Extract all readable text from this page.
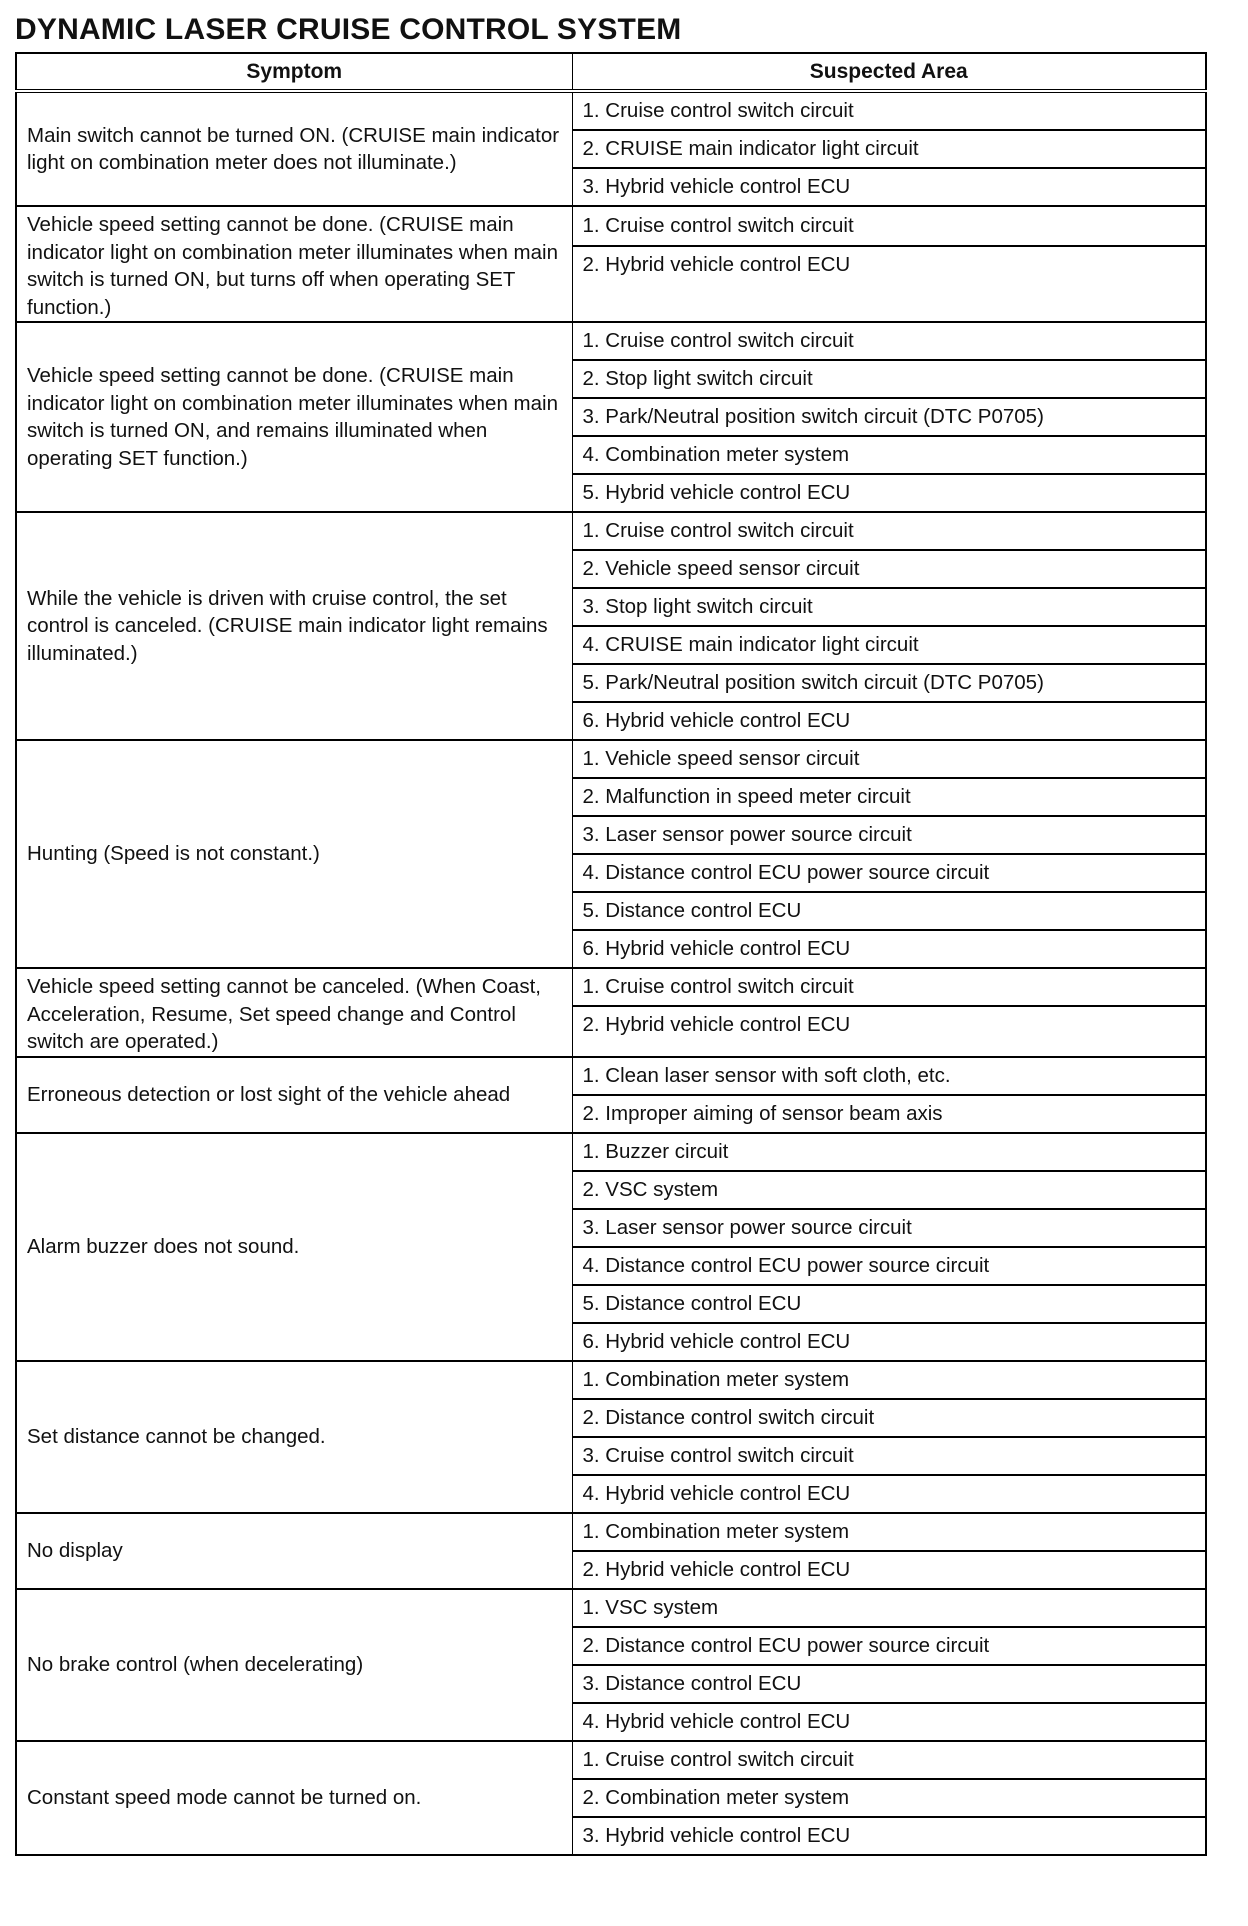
DYNAMIC LASER CRUISE CONTROL SYSTEM
Symptom	Suspected Area
Main switch cannot be turned ON. (CRUISE main indicator light on combination meter does not illuminate.)	1. Cruise control switch circuit
	2. CRUISE main indicator light circuit
	3. Hybrid vehicle control ECU
Vehicle speed setting cannot be done. (CRUISE main indicator light on combination meter illuminates when main switch is turned ON, but turns off when operating SET function.)	1. Cruise control switch circuit
	2. Hybrid vehicle control ECU
Vehicle speed setting cannot be done. (CRUISE main indicator light on combination meter illuminates when main switch is turned ON, and remains illuminated when operating SET function.)	1. Cruise control switch circuit
	2. Stop light switch circuit
	3. Park/Neutral position switch circuit (DTC P0705)
	4. Combination meter system
	5. Hybrid vehicle control ECU
While the vehicle is driven with cruise control, the set control is canceled. (CRUISE main indicator light remains illuminated.)	1. Cruise control switch circuit
	2. Vehicle speed sensor circuit
	3. Stop light switch circuit
	4. CRUISE main indicator light circuit
	5. Park/Neutral position switch circuit (DTC P0705)
	6. Hybrid vehicle control ECU
Hunting (Speed is not constant.)	1. Vehicle speed sensor circuit
	2. Malfunction in speed meter circuit
	3. Laser sensor power source circuit
	4. Distance control ECU power source circuit
	5. Distance control ECU
	6. Hybrid vehicle control ECU
Vehicle speed setting cannot be canceled. (When Coast, Acceleration, Resume, Set speed change and Control switch are operated.)	1. Cruise control switch circuit
	2. Hybrid vehicle control ECU
Erroneous detection or lost sight of the vehicle ahead	1. Clean laser sensor with soft cloth, etc.
	2. Improper aiming of sensor beam axis
Alarm buzzer does not sound.	1. Buzzer circuit
	2. VSC system
	3. Laser sensor power source circuit
	4. Distance control ECU power source circuit
	5. Distance control ECU
	6. Hybrid vehicle control ECU
Set distance cannot be changed.	1. Combination meter system
	2. Distance control switch circuit
	3. Cruise control switch circuit
	4. Hybrid vehicle control ECU
No display	1. Combination meter system
	2. Hybrid vehicle control ECU
No brake control (when decelerating)	1. VSC system
	2. Distance control ECU power source circuit
	3. Distance control ECU
	4. Hybrid vehicle control ECU
Constant speed mode cannot be turned on.	1. Cruise control switch circuit
	2. Combination meter system
	3. Hybrid vehicle control ECU
